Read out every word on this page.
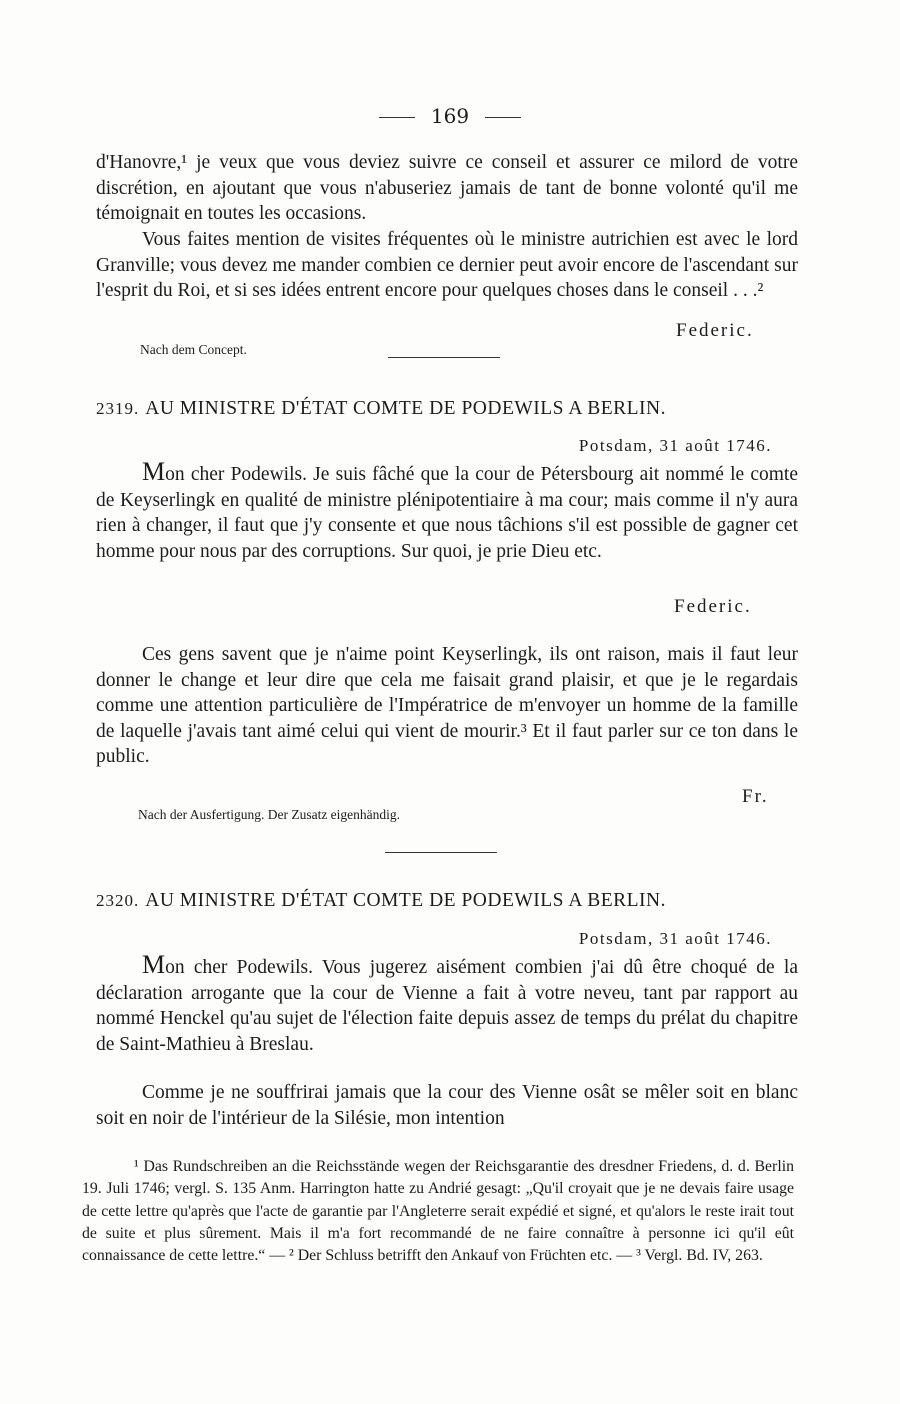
169
d'Hanovre,¹ je veux que vous deviez suivre ce conseil et assurer ce milord de votre discrétion, en ajoutant que vous n'abuseriez jamais de tant de bonne volonté qu'il me témoignait en toutes les occasions.
Vous faites mention de visites fréquentes où le ministre autrichien est avec le lord Granville; vous devez me mander combien ce dernier peut avoir encore de l'ascendant sur l'esprit du Roi, et si ses idées entrent encore pour quelques choses dans le conseil . . .²
Federic.
Nach dem Concept.
2319. AU MINISTRE D'ÉTAT COMTE DE PODEWILS A BERLIN.
Potsdam, 31 août 1746.
Mon cher Podewils. Je suis fâché que la cour de Pétersbourg ait nommé le comte de Keyserlingk en qualité de ministre plénipotentiaire à ma cour; mais comme il n'y aura rien à changer, il faut que j'y consente et que nous tâchions s'il est possible de gagner cet homme pour nous par des corruptions. Sur quoi, je prie Dieu etc.
Federic.
Ces gens savent que je n'aime point Keyserlingk, ils ont raison, mais il faut leur donner le change et leur dire que cela me faisait grand plaisir, et que je le regardais comme une attention particulière de l'Impératrice de m'envoyer un homme de la famille de laquelle j'avais tant aimé celui qui vient de mourir.³ Et il faut parler sur ce ton dans le public.
Fr.
Nach der Ausfertigung. Der Zusatz eigenhändig.
2320. AU MINISTRE D'ÉTAT COMTE DE PODEWILS A BERLIN.
Potsdam, 31 août 1746.
Mon cher Podewils. Vous jugerez aisément combien j'ai dû être choqué de la déclaration arrogante que la cour de Vienne a fait à votre neveu, tant par rapport au nommé Henckel qu'au sujet de l'élection faite depuis assez de temps du prélat du chapitre de Saint-Mathieu à Breslau.
Comme je ne souffrirai jamais que la cour des Vienne osât se mêler soit en blanc soit en noir de l'intérieur de la Silésie, mon intention
¹ Das Rundschreiben an die Reichsstände wegen der Reichsgarantie des dresdner Friedens, d. d. Berlin 19. Juli 1746; vergl. S. 135 Anm. Harrington hatte zu Andrié gesagt: „Qu'il croyait que je ne devais faire usage de cette lettre qu'après que l'acte de garantie par l'Angleterre serait expédié et signé, et qu'alors le reste irait tout de suite et plus sûrement. Mais il m'a fort recommandé de ne faire connaître à personne ici qu'il eût connaissance de cette lettre.“ — ² Der Schluss betrifft den Ankauf von Früchten etc. — ³ Vergl. Bd. IV, 263.
